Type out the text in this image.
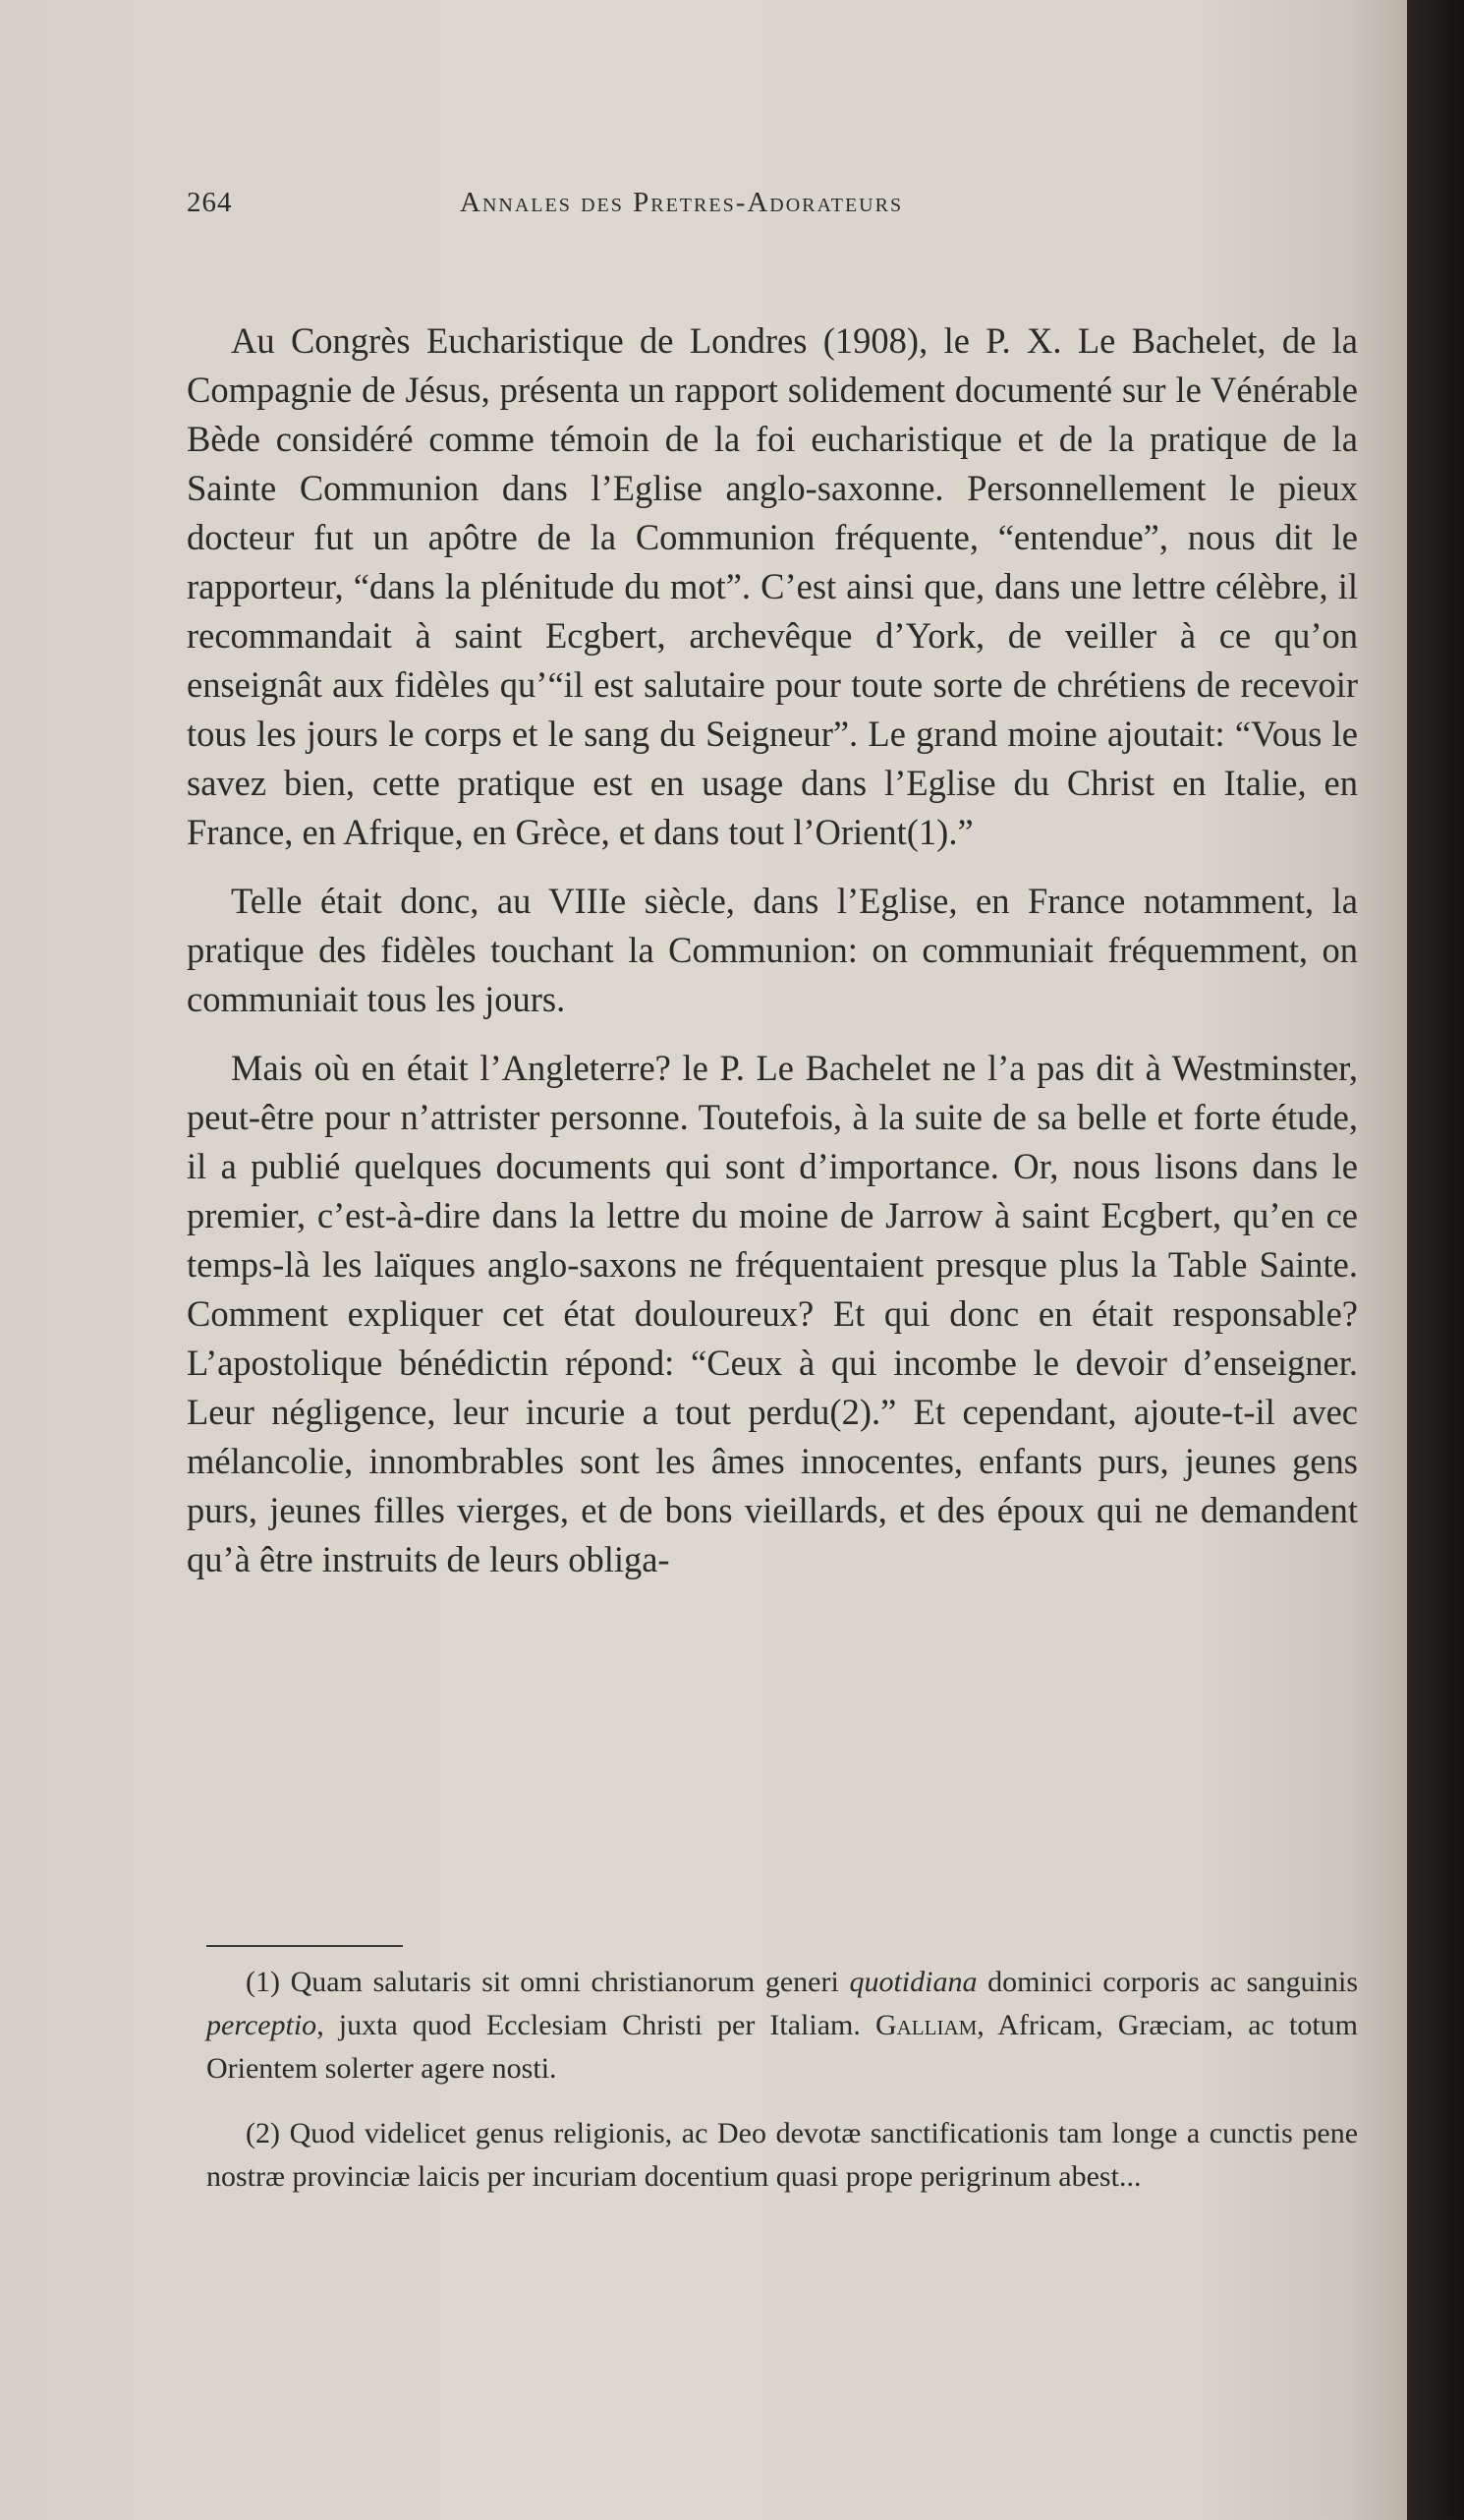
264	Annales des Pretres-Adorateurs

Au Congrès Eucharistique de Londres (1908), le P. X. Le Bachelet, de la Compagnie de Jésus, présenta un rapport solidement documenté sur le Vénérable Bède considéré comme témoin de la foi eucharistique et de la pratique de la Sainte Communion dans l’Eglise anglo-saxonne. Personnellement le pieux docteur fut un apôtre de la Communion fréquente, “entendue”, nous dit le rapporteur, “dans la plénitude du mot”. C’est ainsi que, dans une lettre célèbre, il recommandait à saint Ecgbert, archevêque d’York, de veiller à ce qu’on enseignât aux fidèles qu’“il est salutaire pour toute sorte de chrétiens de recevoir tous les jours le corps et le sang du Seigneur”. Le grand moine ajoutait: “Vous le savez bien, cette pratique est en usage dans l’Eglise du Christ en Italie, en France, en Afrique, en Grèce, et dans tout l’Orient(1).”

Telle était donc, au VIIIe siècle, dans l’Eglise, en France notamment, la pratique des fidèles touchant la Communion: on communiait fréquemment, on communiait tous les jours.

Mais où en était l’Angleterre? le P. Le Bachelet ne l’a pas dit à Westminster, peut-être pour n’attrister personne. Toutefois, à la suite de sa belle et forte étude, il a publié quelques documents qui sont d’importance. Or, nous lisons dans le premier, c’est-à-dire dans la lettre du moine de Jarrow à saint Ecgbert, qu’en ce temps-là les laïques anglo-saxons ne fréquentaient presque plus la Table Sainte. Comment expliquer cet état douloureux? Et qui donc en était responsable? L’apostolique bénédictin répond: “Ceux à qui incombe le devoir d’enseigner. Leur négligence, leur incurie a tout perdu(2).” Et cependant, ajoute-t-il avec mélancolie, innombrables sont les âmes innocentes, enfants purs, jeunes gens purs, jeunes filles vierges, et de bons vieillards, et des époux qui ne demandent qu’à être instruits de leurs obliga-

(1) Quam salutaris sit omni christianorum generi quotidiana dominici corporis ac sanguinis perceptio, juxta quod Ecclesiam Christi per Italiam. Galliam, Africam, Græciam, ac totum Orientem solerter agere nosti.

(2) Quod videlicet genus religionis, ac Deo devotæ sanctificationis tam longe a cunctis pene nostræ provinciæ laicis per incuriam docentium quasi prope perigrinum abest...
